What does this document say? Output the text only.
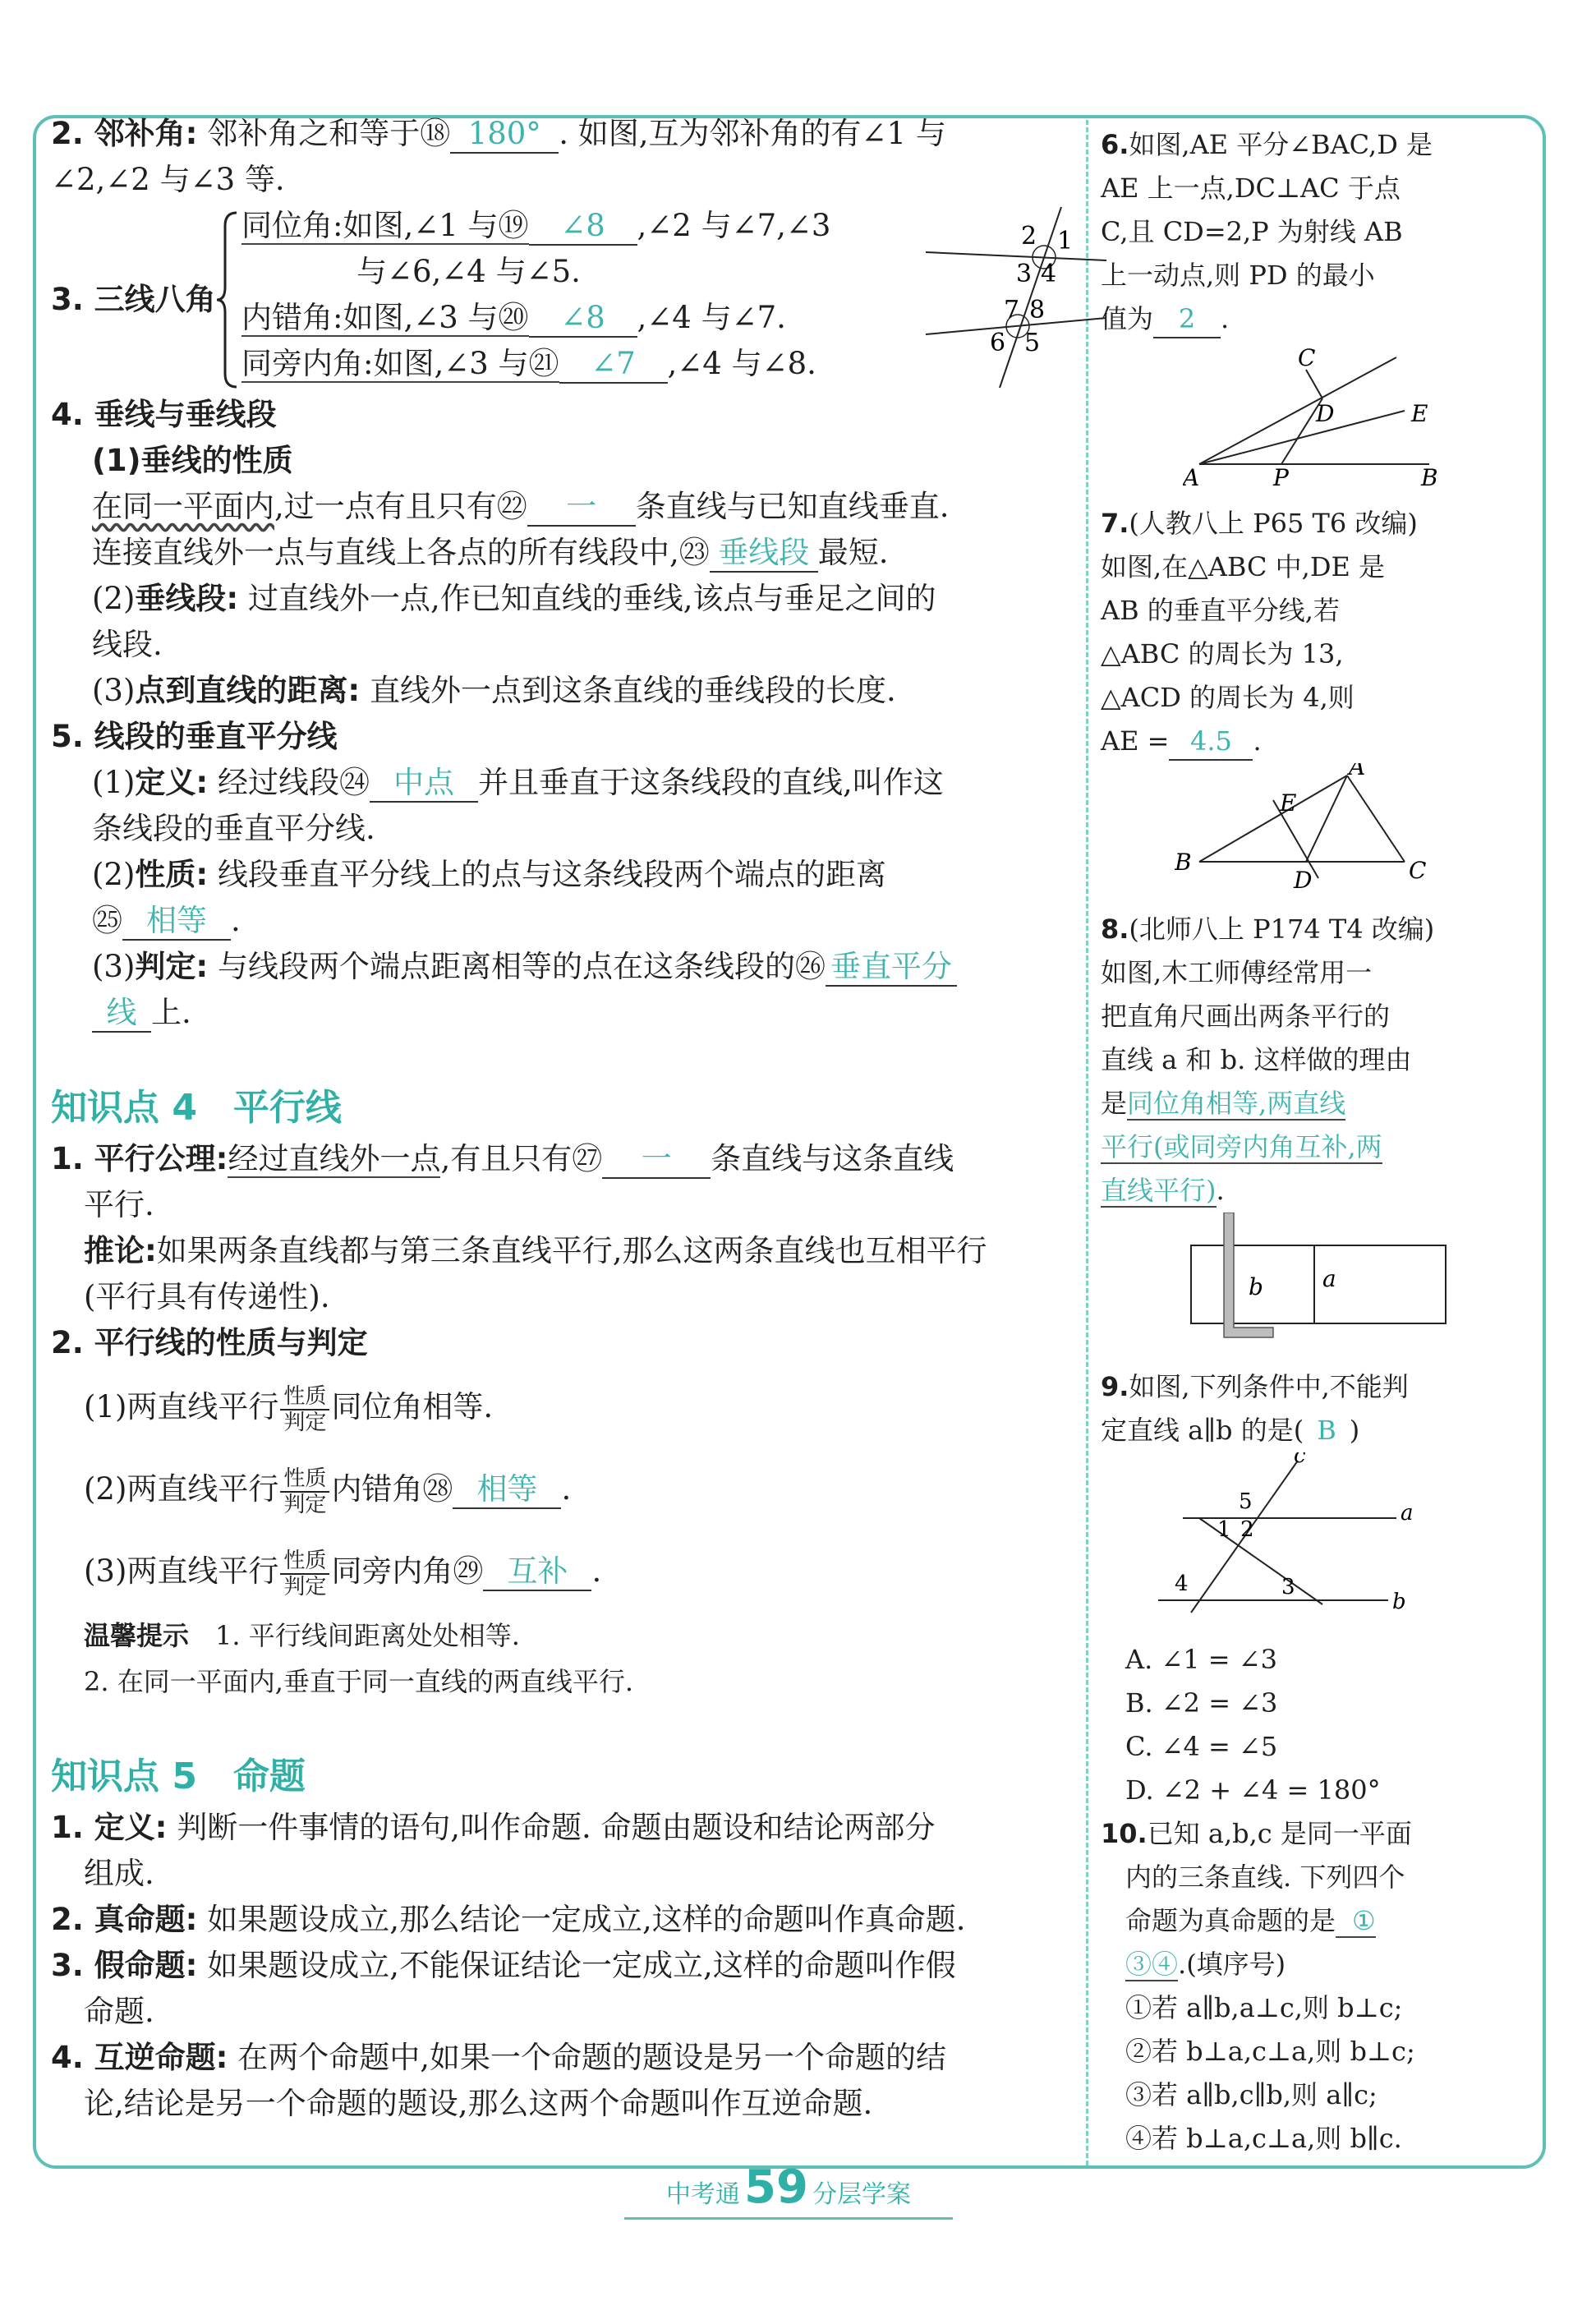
2. 邻补角: 邻补角之和等于⑱ 180° . 如图,互为邻补角的有∠1 与
∠2,∠2 与∠3 等.
3. 三线八角
同位角:如图,∠1 与⑲ ∠8 ,∠2 与∠7,∠3
与∠6,∠4 与∠5.
内错角:如图,∠3 与⑳ ∠8 ,∠4 与∠7.
同旁内角:如图,∠3 与㉑ ∠7 ,∠4 与∠8.
2 1
3 4
7 8
6 5
4. 垂线与垂线段
(1)垂线的性质
在同一平面内,过一点有且只有㉒ 一 条直线与已知直线垂直.
连接直线外一点与直线上各点的所有线段中,㉓ 垂线段 最短.
(2)垂线段: 过直线外一点,作已知直线的垂线,该点与垂足之间的
线段.
(3)点到直线的距离: 直线外一点到这条直线的垂线段的长度.
5. 线段的垂直平分线
(1)定义: 经过线段㉔ 中点 并且垂直于这条线段的直线,叫作这
条线段的垂直平分线.
(2)性质: 线段垂直平分线上的点与这条线段两个端点的距离
㉕ 相等 .
(3)判定: 与线段两个端点距离相等的点在这条线段的㉖ 垂直平分
线 上.
知识点 4　平行线
1. 平行公理:经过直线外一点,有且只有㉗ 一 条直线与这条直线
平行.
推论:如果两条直线都与第三条直线平行,那么这两条直线也互相平行
(平行具有传递性).
2. 平行线的性质与判定
(1)两直线平行 $\frac{\text{性质}}{\text{判定}}$ 同位角相等.
(2)两直线平行 $\frac{\text{性质}}{\text{判定}}$ 内错角㉘ 相等 .
(3)两直线平行 $\frac{\text{性质}}{\text{判定}}$ 同旁内角㉙ 互补 .
温馨提示　 1. 平行线间距离处处相等.
2. 在同一平面内,垂直于同一直线的两直线平行.
知识点 5　命题
1. 定义: 判断一件事情的语句,叫作命题. 命题由题设和结论两部分
组成.
2. 真命题: 如果题设成立,那么结论一定成立,这样的命题叫作真命题.
3. 假命题: 如果题设成立,不能保证结论一定成立,这样的命题叫作假
命题.
4. 互逆命题: 在两个命题中,如果一个命题的题设是另一个命题的结
论,结论是另一个命题的题设,那么这两个命题叫作互逆命题.
6.如图,AE 平分∠BAC,D 是
AE 上一点,DC⊥AC 于点
C,且 CD=2,P 为射线 AB
上一动点,则 PD 的最小
值为 2 .
C
D	E
A	P	B
7.(人教八上 P65 T6 改编)
如图,在△ABC 中,DE 是
AB 的垂直平分线,若
△ABC 的周长为 13,
△ACD 的周长为 4,则
AE = 4.5 .
A
E
B
D	C
8.(北师八上 P174 T4 改编)
如图,木工师傅经常用一
把直角尺画出两条平行的
直线 a 和 b. 这样做的理由
是同位角相等,两直线
平行(或同旁内角互补,两
直线平行).
b	a
9.如图,下列条件中,不能判
定直线 a∥b 的是( B )
c
5	a
1 2
4	3
b
A. ∠1 = ∠3
B. ∠2 = ∠3
C. ∠4 = ∠5
D. ∠2 + ∠4 = 180°
10.已知 a,b,c 是同一平面
内的三条直线. 下列四个
命题为真命题的是 ①
③④.(填序号)
①若 a∥b,a⊥c,则 b⊥c;
②若 b⊥a,c⊥a,则 b⊥c;
③若 a∥b,c∥b,则 a∥c;
④若 b⊥a,c⊥a,则 b∥c.
中考通 59 分层学案
